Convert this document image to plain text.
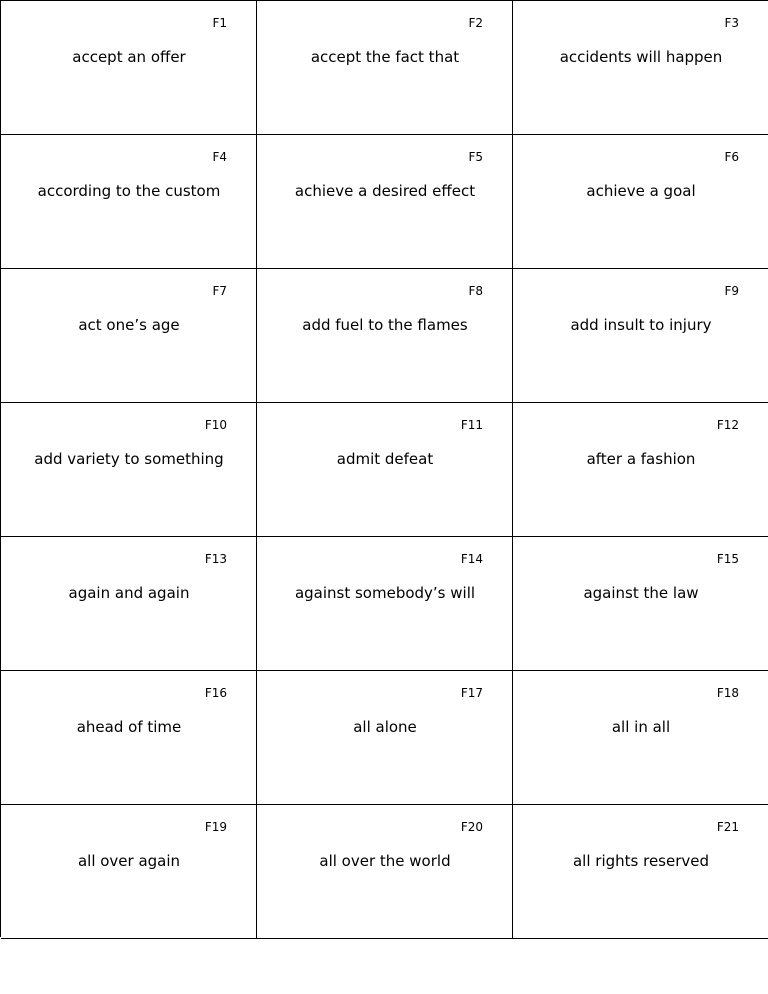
F1
accept an offer
F2
accept the fact that
F3
accidents will happen
F4
according to the custom
F5
achieve a desired effect
F6
achieve a goal
F7
act one’s age
F8
add fuel to the flames
F9
add insult to injury
F10
add variety to something
F11
admit defeat
F12
after a fashion
F13
again and again
F14
against somebody’s will
F15
against the law
F16
ahead of time
F17
all alone
F18
all in all
F19
all over again
F20
all over the world
F21
all rights reserved
